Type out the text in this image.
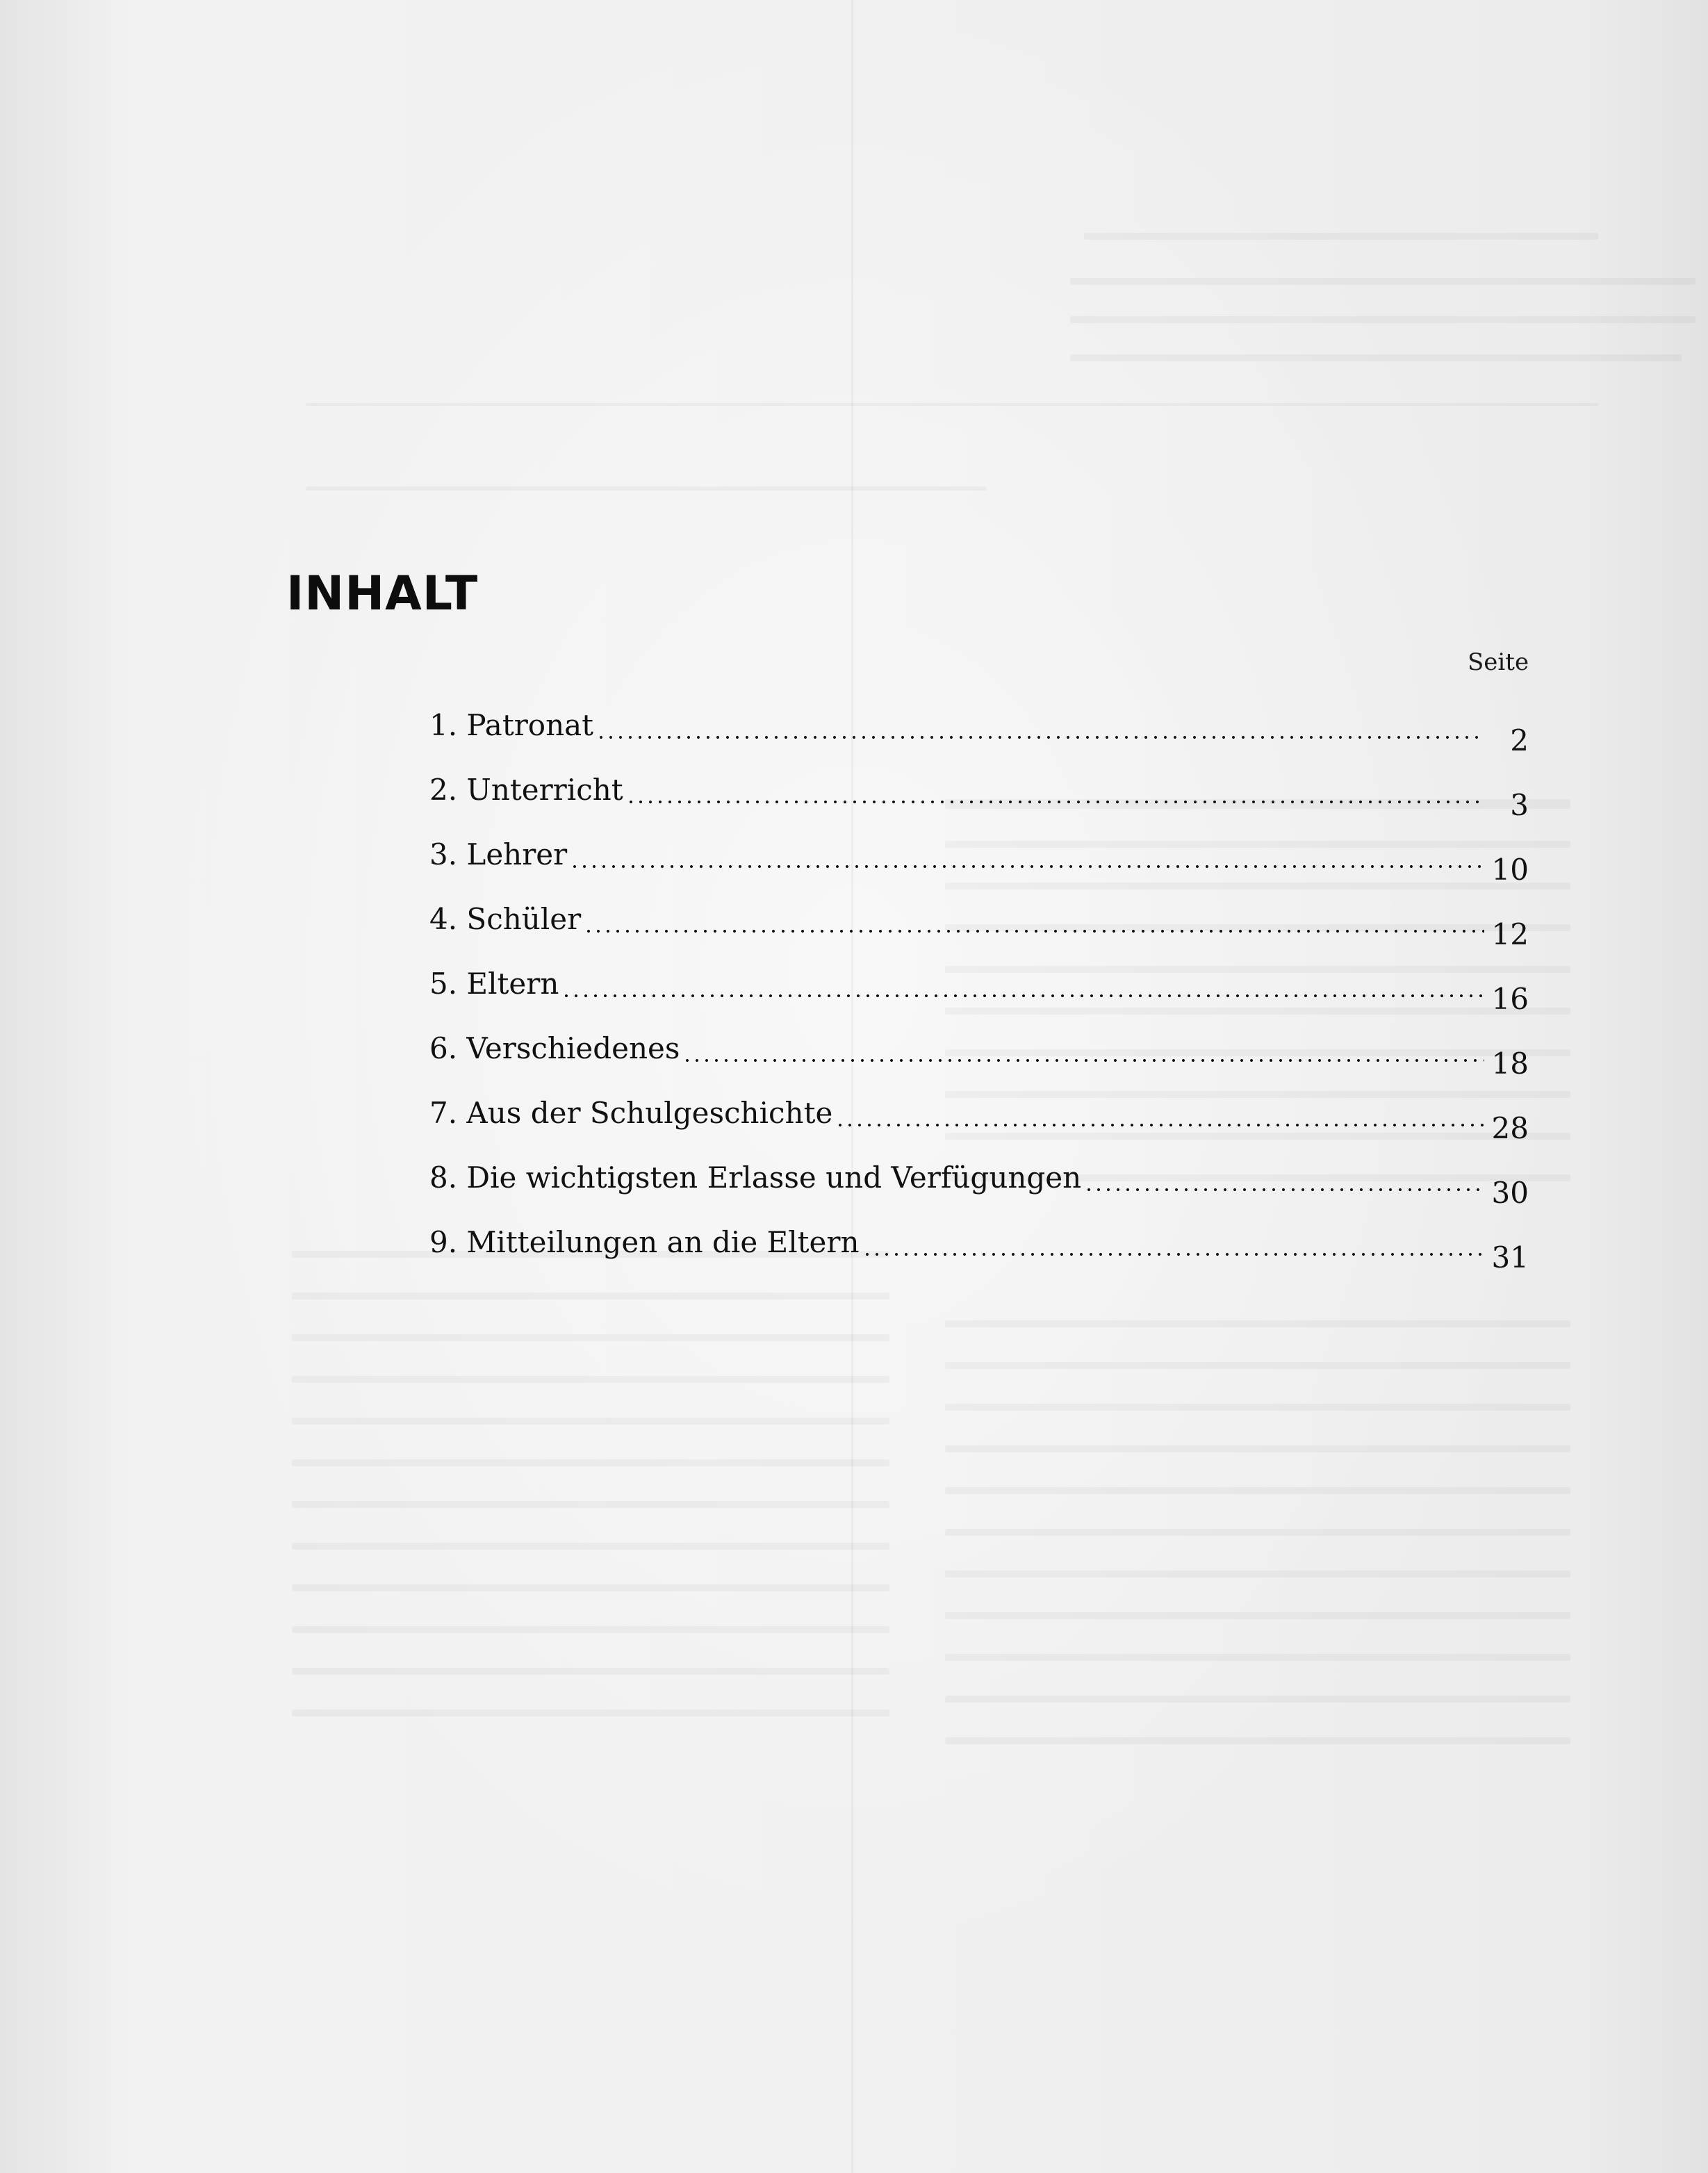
INHALT
Seite
1. Patronat	2
2. Unterricht	3
3. Lehrer	10
4. Schüler	12
5. Eltern	16
6. Verschiedenes	18
7. Aus der Schulgeschichte	28
8. Die wichtigsten Erlasse und Verfügungen	30
9. Mitteilungen an die Eltern	31
